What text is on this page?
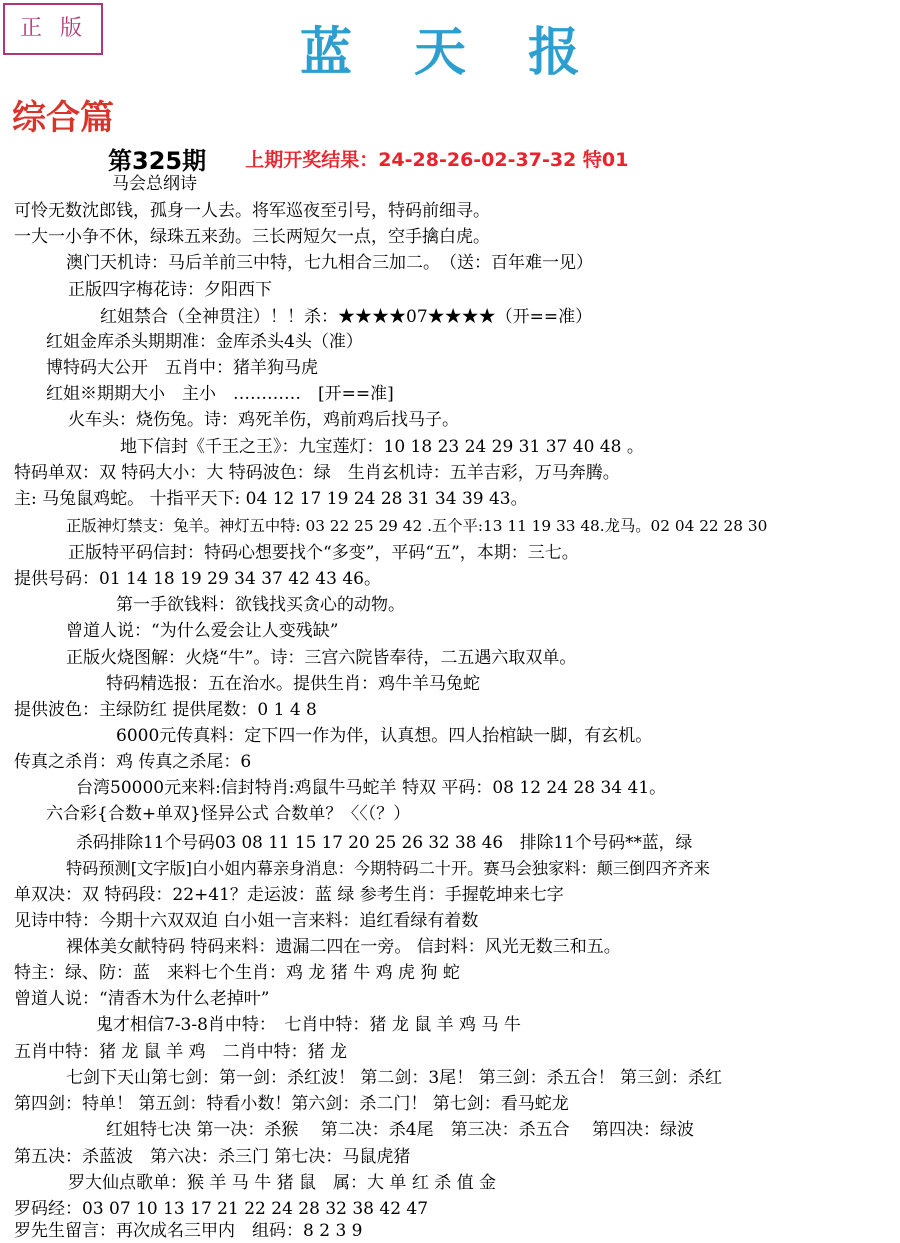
正版	蓝天报
综合篇
第325期 上期开奖结果：24-28-26-02-37-32 特01
马会总纲诗
可怜无数沈郎钱，孤身一人去。将军巡夜至引号，特码前细寻。
一大一小争不休，绿珠五来劲。三长两短欠一点，空手擒白虎。
澳门天机诗：马后羊前三中特，七九相合三加二。　（送：百年难一见）
正版四字梅花诗：夕阳西下
红姐禁合（全神贯注）！！杀：★★★★07★★★★（开==准）
红姐金库杀头期期准：金库杀头4头（准）
博特码大公开　五肖中：猪羊狗马虎
红姐※期期大小　主小　…………　[开==准]
火车头：烧伤兔。诗：鸡死羊伤，鸡前鸡后找马子。
地下信封《千王之王》：九宝莲灯：10 18 23 24 29 31 37 40 48 。
特码单双：双 特码大小：大 特码波色：绿　生肖玄机诗：五羊吉彩，万马奔腾。
主: 马兔鼠鸡蛇。 十指平天下: 04 12 17 19 24 28 31 34 39 43。
正版神灯禁支：兔羊。神灯五中特: 03 22 25 29 42 .五个平:13 11 19 33 48.龙马。02 04 22 28 30
正版特平码信封：特码心想要找个“多变”，平码“五”，本期：三七。
提供号码：01 14 18 19 29 34 37 42 43 46。
第一手欲钱料：欲钱找买贪心的动物。
曾道人说：“为什么爱会让人变残缺”
正版火烧图解：火烧“牛”。诗：三宫六院皆奉待，二五遇六取双单。
特码精选报：五在治水。提供生肖：鸡牛羊马兔蛇
提供波色：主绿防红 提供尾数：0 1 4 8
6000元传真料：定下四一作为伴，认真想。四人抬棺缺一脚，有玄机。
传真之杀肖：鸡 传真之杀尾：6
台湾50000元来料:信封特肖:鸡鼠牛马蛇羊 特双 平码：08 12 24 28 34 41。
六合彩{合数+单双}怪异公式 合数单？〈〈（？）
杀码排除11个号码03 08 11 15 17 20 25 26 32 38 46　排除11个号码**蓝，绿
特码预测[文字版]白小姐内幕亲身消息：今期特码二十开。赛马会独家料：颠三倒四齐齐来
单双决：双 特码段：22+41？走运波：蓝 绿 参考生肖：手握乾坤来七字
见诗中特：今期十六双双迫 白小姐一言来料：追红看绿有着数
裸体美女献特码 特码来料：遗漏二四在一旁。 信封料：风光无数三和五。
特主：绿、防：蓝　来料七个生肖：鸡 龙 猪 牛 鸡 虎 狗 蛇
曾道人说：“清香木为什么老掉叶”
鬼才相信7-3-8肖中特：　七肖中特：猪 龙 鼠 羊 鸡 马 牛
五肖中特：猪 龙 鼠 羊 鸡　二肖中特：猪 龙
七剑下天山第七剑：第一剑：杀红波！ 第二剑：3尾！ 第三剑：杀五合！ 第三剑：杀红
第四剑：特单！ 第五剑：特看小数！第六剑：杀二门！ 第七剑：看马蛇龙
红姐特七决 第一决：杀猴　 第二决：杀4尾　第三决：杀五合　 第四决：绿波
第五决：杀蓝波　第六决：杀三门 第七决：马鼠虎猪
罗大仙点歌单：猴 羊 马 牛 猪 鼠　属：大 单 红 杀 值 金
罗码经：03 07 10 13 17 21 22 24 28 32 38 42 47
罗先生留言：再次成名三甲内　组码：8 2 3 9
